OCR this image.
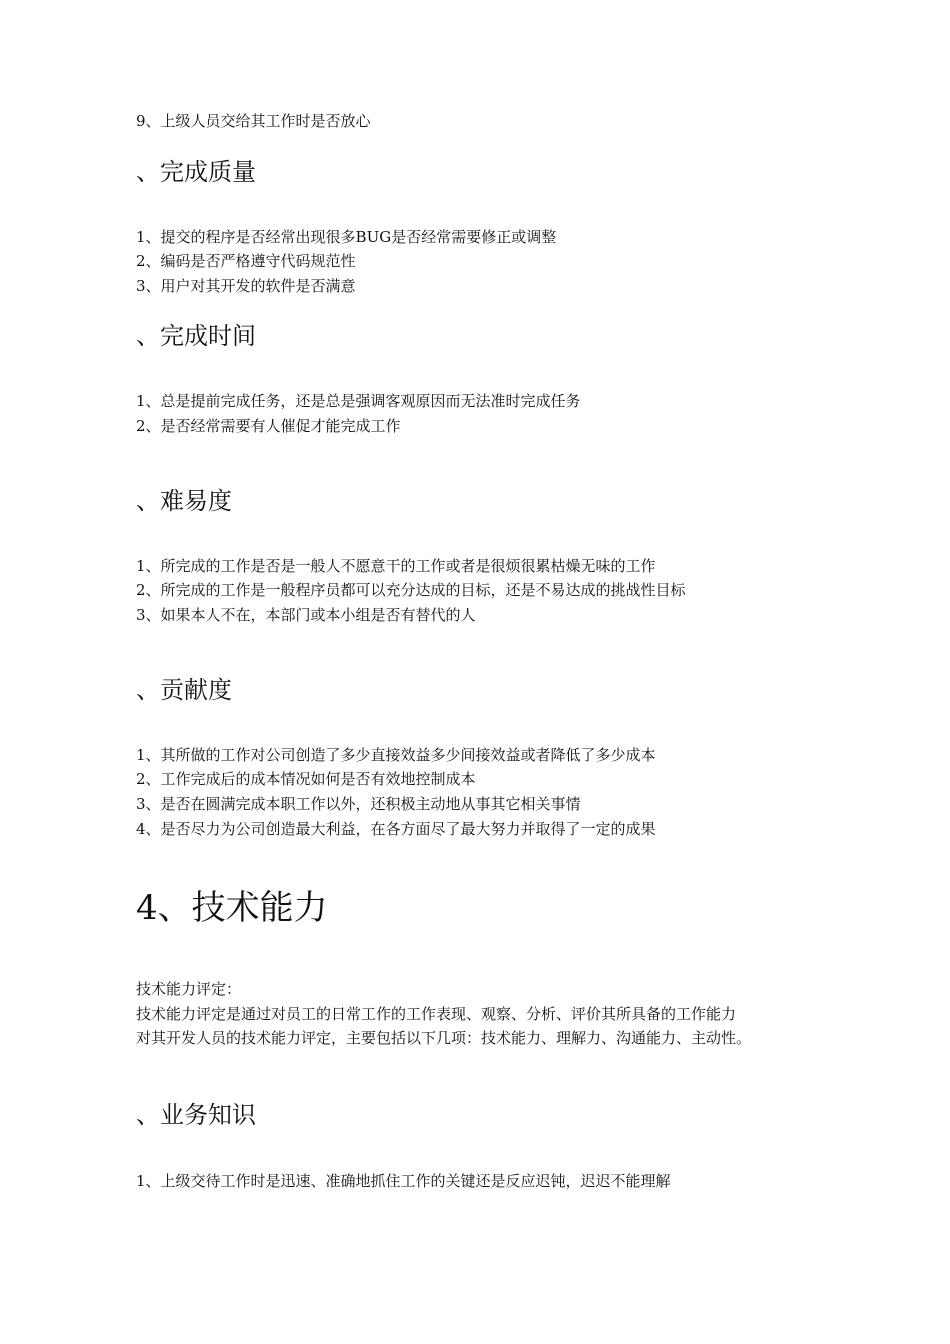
9、上级人员交给其工作时是否放心
、完成质量
1、提交的程序是否经常出现很多BUG是否经常需要修正或调整
2、编码是否严格遵守代码规范性
3、用户对其开发的软件是否满意
、完成时间
1、总是提前完成任务，还是总是强调客观原因而无法准时完成任务
2、是否经常需要有人催促才能完成工作
、难易度
1、所完成的工作是否是一般人不愿意干的工作或者是很烦很累枯燥无味的工作
2、所完成的工作是一般程序员都可以充分达成的目标，还是不易达成的挑战性目标
3、如果本人不在，本部门或本小组是否有替代的人
、贡献度
1、其所做的工作对公司创造了多少直接效益多少间接效益或者降低了多少成本
2、工作完成后的成本情况如何是否有效地控制成本
3、是否在圆满完成本职工作以外，还积极主动地从事其它相关事情
4、是否尽力为公司创造最大利益，在各方面尽了最大努力并取得了一定的成果
4、技术能力
技术能力评定：
技术能力评定是通过对员工的日常工作的工作表现、观察、分析、评价其所具备的工作能力
对其开发人员的技术能力评定，主要包括以下几项：技术能力、理解力、沟通能力、主动性。
、业务知识
1、上级交待工作时是迅速、准确地抓住工作的关键还是反应迟钝，迟迟不能理解
